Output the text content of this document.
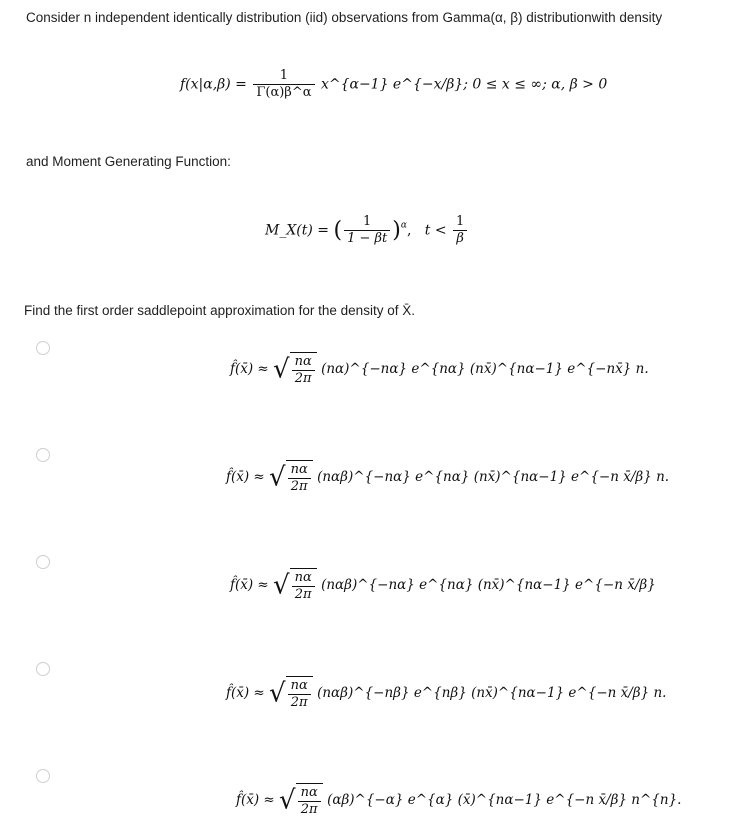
Consider n independent identically distribution (iid) observations from Gamma(α, β) distributionwith density
$f(x|\alpha,\beta) = \frac{1}{\Gamma(\alpha)\beta\^{}\alpha}$ x^{α−1} e^{−x/β}; 0 ≤ x ≤ ∞; α, β > 0
and Moment Generating Function:
M_X(t) = ( $\frac{1}{1 - \beta t} )^\alpha$,   $t < \frac{1}{\beta}$
Find the first order saddlepoint approximation for the density of X̄.
f̂(x̄) ≈ √ $\frac{n\alpha}{2\pi}$ (nα)^{−nα} e^{nα} (nx̄)^{nα−1} e^{−nx̄} n.
f̂(x̄) ≈ √ $\frac{n\alpha}{2\pi}$ (nαβ)^{−nα} e^{nα} (nx̄)^{nα−1} e^{−n x̄/β} n.
f̂(x̄) ≈ √ $\frac{n\alpha}{2\pi}$ (nαβ)^{−nα} e^{nα} (nx̄)^{nα−1} e^{−n x̄/β}
f̂(x̄) ≈ √ $\frac{n\alpha}{2\pi}$ (nαβ)^{−nβ} e^{nβ} (nx̄)^{nα−1} e^{−n x̄/β} n.
f̂(x̄) ≈ √ $\frac{n\alpha}{2\pi}$ (αβ)^{−α} e^{α} (x̄)^{nα−1} e^{−n x̄/β} n^{n}.
